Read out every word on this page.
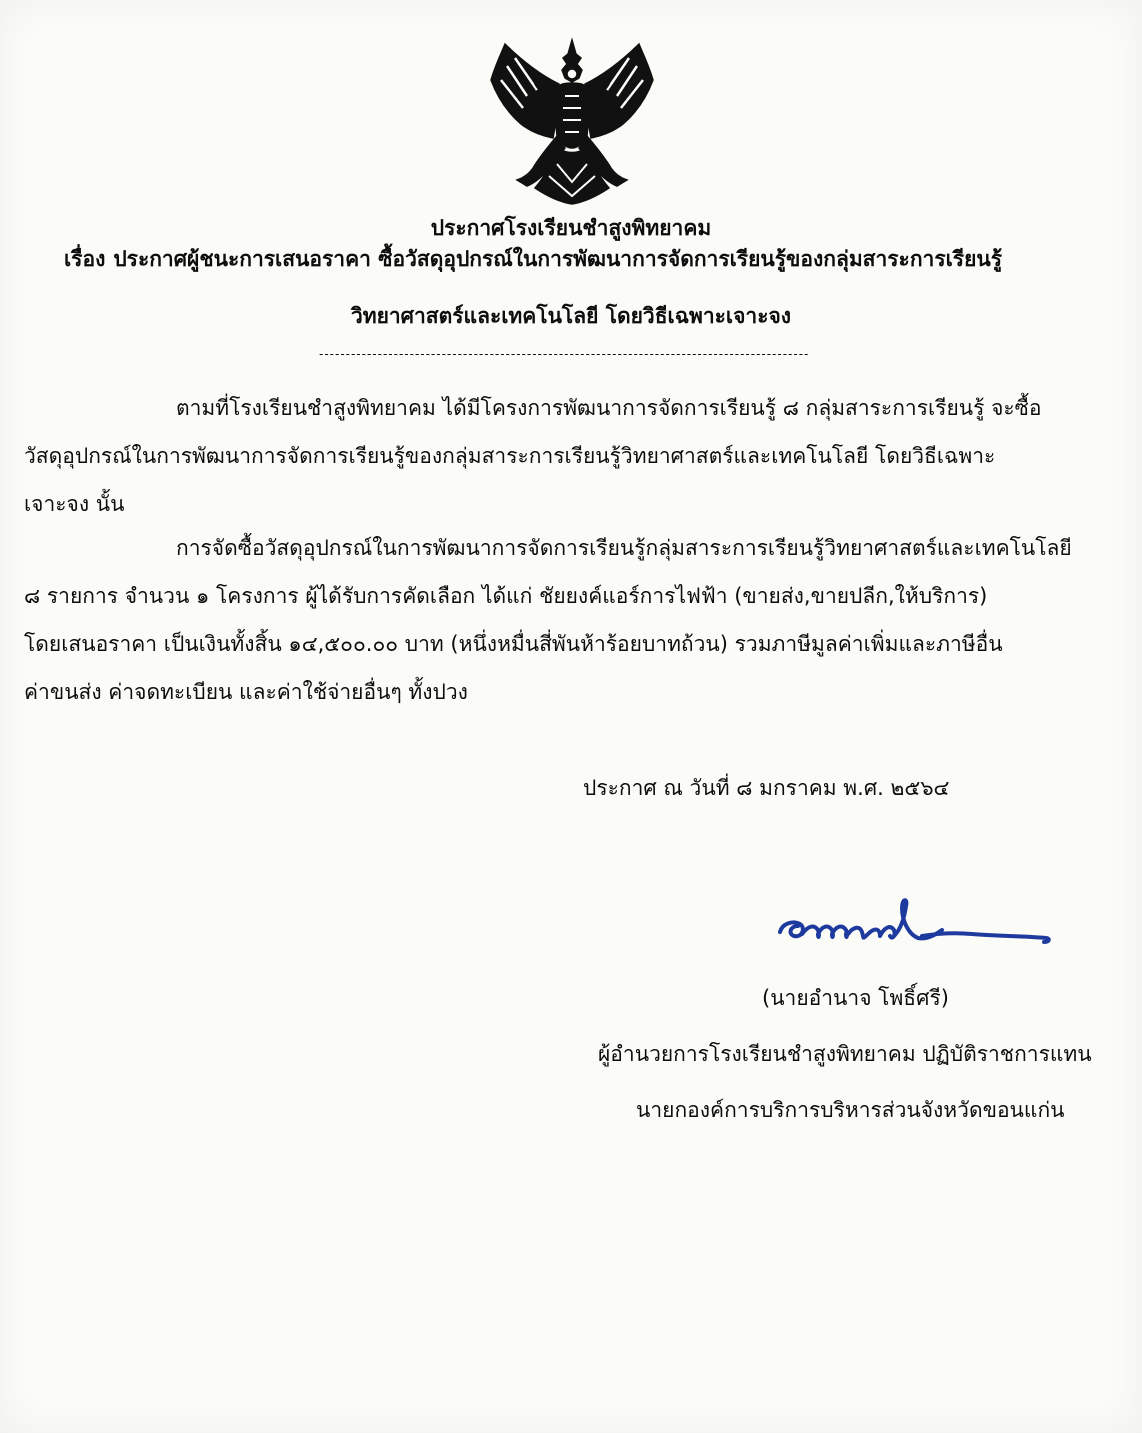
ประกาศโรงเรียนชำสูงพิทยาคม
เรื่อง ประกาศผู้ชนะการเสนอราคา ซื้อวัสดุอุปกรณ์ในการพัฒนาการจัดการเรียนรู้ของกลุ่มสาระการเรียนรู้
วิทยาศาสตร์และเทคโนโลยี โดยวิธีเฉพาะเจาะจง
--------------------------------------------------------------------------------------------
ตามที่โรงเรียนชำสูงพิทยาคม ได้มีโครงการพัฒนาการจัดการเรียนรู้ ๘ กลุ่มสาระการเรียนรู้ จะซื้อ
วัสดุอุปกรณ์ในการพัฒนาการจัดการเรียนรู้ของกลุ่มสาระการเรียนรู้วิทยาศาสตร์และเทคโนโลยี โดยวิธีเฉพาะ
เจาะจง นั้น
การจัดซื้อวัสดุอุปกรณ์ในการพัฒนาการจัดการเรียนรู้กลุ่มสาระการเรียนรู้วิทยาศาสตร์และเทคโนโลยี
๘ รายการ จำนวน ๑ โครงการ ผู้ได้รับการคัดเลือก ได้แก่ ชัยยงค์แอร์การไฟฟ้า (ขายส่ง,ขายปลีก,ให้บริการ)
โดยเสนอราคา เป็นเงินทั้งสิ้น ๑๔,๕๐๐.๐๐ บาท (หนึ่งหมื่นสี่พันห้าร้อยบาทถ้วน) รวมภาษีมูลค่าเพิ่มและภาษีอื่น
ค่าขนส่ง ค่าจดทะเบียน และค่าใช้จ่ายอื่นๆ ทั้งปวง
ประกาศ ณ วันที่ ๘ มกราคม พ.ศ. ๒๕๖๔
(นายอำนาจ โพธิ์ศรี)
ผู้อำนวยการโรงเรียนชำสูงพิทยาคม ปฏิบัติราชการแทน
นายกองค์การบริการบริหารส่วนจังหวัดขอนแก่น
